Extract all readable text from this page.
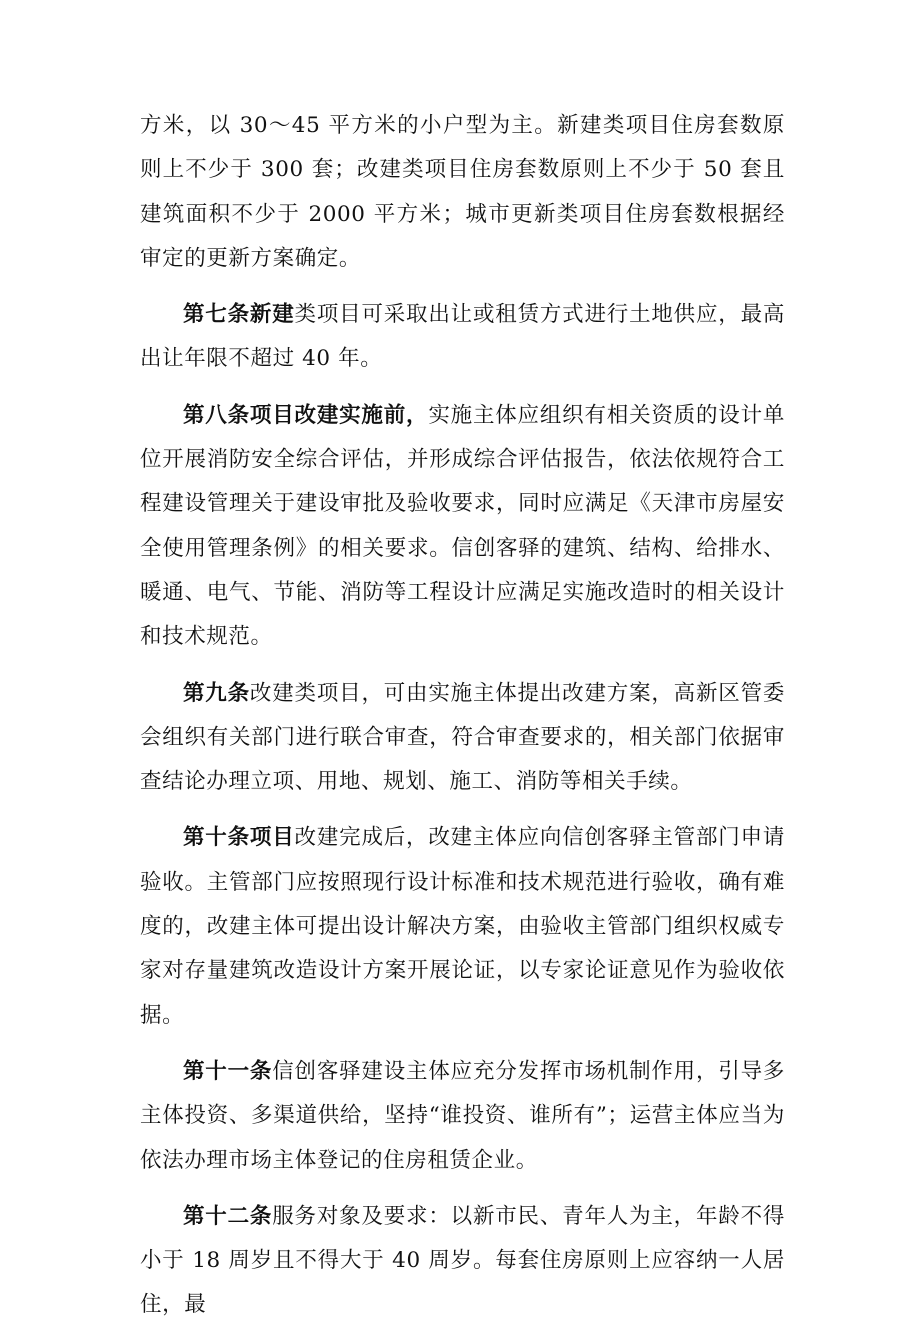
方米，以 30～45 平方米的小户型为主。新建类项目住房套数原则上不少于 300 套；改建类项目住房套数原则上不少于 50 套且建筑面积不少于 2000 平方米；城市更新类项目住房套数根据经审定的更新方案确定。

第七条新建类项目可采取出让或租赁方式进行土地供应，最高出让年限不超过 40 年。

第八条项目改建实施前，实施主体应组织有相关资质的设计单位开展消防安全综合评估，并形成综合评估报告，依法依规符合工程建设管理关于建设审批及验收要求，同时应满足《天津市房屋安全使用管理条例》的相关要求。信创客驿的建筑、结构、给排水、暖通、电气、节能、消防等工程设计应满足实施改造时的相关设计和技术规范。

第九条改建类项目，可由实施主体提出改建方案，高新区管委会组织有关部门进行联合审查，符合审查要求的，相关部门依据审查结论办理立项、用地、规划、施工、消防等相关手续。

第十条项目改建完成后，改建主体应向信创客驿主管部门申请验收。主管部门应按照现行设计标准和技术规范进行验收，确有难度的，改建主体可提出设计解决方案，由验收主管部门组织权威专家对存量建筑改造设计方案开展论证，以专家论证意见作为验收依据。

第十一条信创客驿建设主体应充分发挥市场机制作用，引导多主体投资、多渠道供给，坚持“谁投资、谁所有”；运营主体应当为依法办理市场主体登记的住房租赁企业。

第十二条服务对象及要求：以新市民、青年人为主，年龄不得小于 18 周岁且不得大于 40 周岁。每套住房原则上应容纳一人居住，最
